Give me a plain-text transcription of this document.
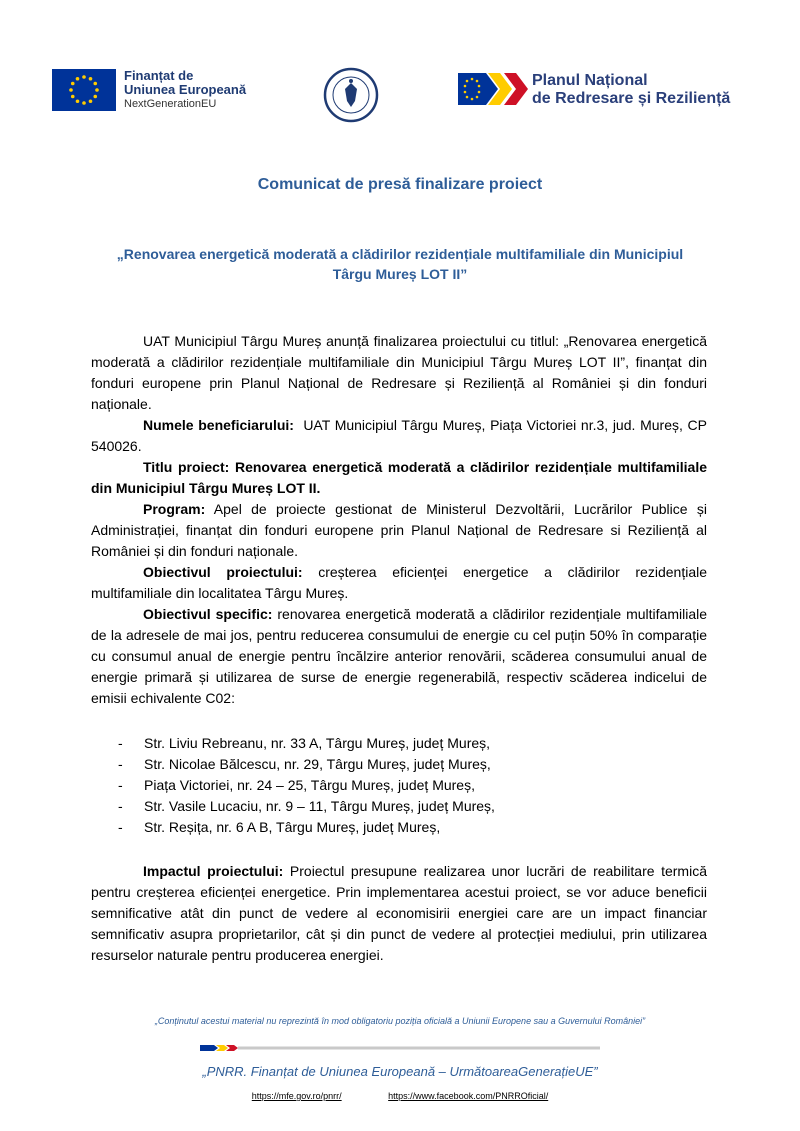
Finanțat de
Uniunea Europeană
NextGenerationEU
Planul Național
de Redresare și Reziliență
Comunicat de presă finalizare proiect
„Renovarea energetică moderată a clădirilor rezidențiale multifamiliale din Municipiul
Târgu Mureș LOT II”

UAT Municipiul Târgu Mureș anunță finalizarea proiectului cu titlul: „Renovarea energetică moderată a clădirilor rezidențiale multifamiliale din Municipiul Târgu Mureș LOT II”, finanțat din fonduri europene prin Planul Național de Redresare și Reziliență al României și din fonduri naționale.

Numele beneficiarului: UAT Municipiul Târgu Mureș, Piața Victoriei nr.3, jud. Mureș, CP 540026.

Titlu proiect: Renovarea energetică moderată a clădirilor rezidențiale multifamiliale din Municipiul Târgu Mureș LOT II.

Program: Apel de proiecte gestionat de Ministerul Dezvoltării, Lucrărilor Publice și Administrației, finanțat din fonduri europene prin Planul Național de Redresare si Reziliență al României și din fonduri naționale.

Obiectivul proiectului: creșterea eficienței energetice a clădirilor rezidențiale multifamiliale din localitatea Târgu Mureș.

Obiectivul specific: renovarea energetică moderată a clădirilor rezidențiale multifamiliale de la adresele de mai jos, pentru reducerea consumului de energie cu cel puțin 50% în comparație cu consumul anual de energie pentru încălzire anterior renovării, scăderea consumului anual de energie primară și utilizarea de surse de energie regenerabilă, respectiv scăderea indicelui de emisii echivalente C02:

- Str. Liviu Rebreanu, nr. 33 A, Târgu Mureș, județ Mureș,
- Str. Nicolae Bălcescu, nr. 29, Târgu Mureș, județ Mureș,
- Piața Victoriei, nr. 24 – 25, Târgu Mureș, județ Mureș,
- Str. Vasile Lucaciu, nr. 9 – 11, Târgu Mureș, județ Mureș,
- Str. Reșița, nr. 6 A B, Târgu Mureș, județ Mureș,

Impactul proiectului: Proiectul presupune realizarea unor lucrări de reabilitare termică pentru creșterea eficienței energetice. Prin implementarea acestui proiect, se vor aduce beneficii semnificative atât din punct de vedere al economisirii energiei care are un impact financiar semnificativ asupra proprietarilor, cât și din punct de vedere al protecției mediului, prin utilizarea resurselor naturale pentru producerea energiei.

„Conținutul acestui material nu reprezintă în mod obligatoriu poziția oficială a Uniunii Europene sau a Guvernului României”
„PNRR. Finanțat de Uniunea Europeană – UrmătoareaGenerațieUE”
https://mfe.gov.ro/pnrr/	https://www.facebook.com/PNRROficial/
